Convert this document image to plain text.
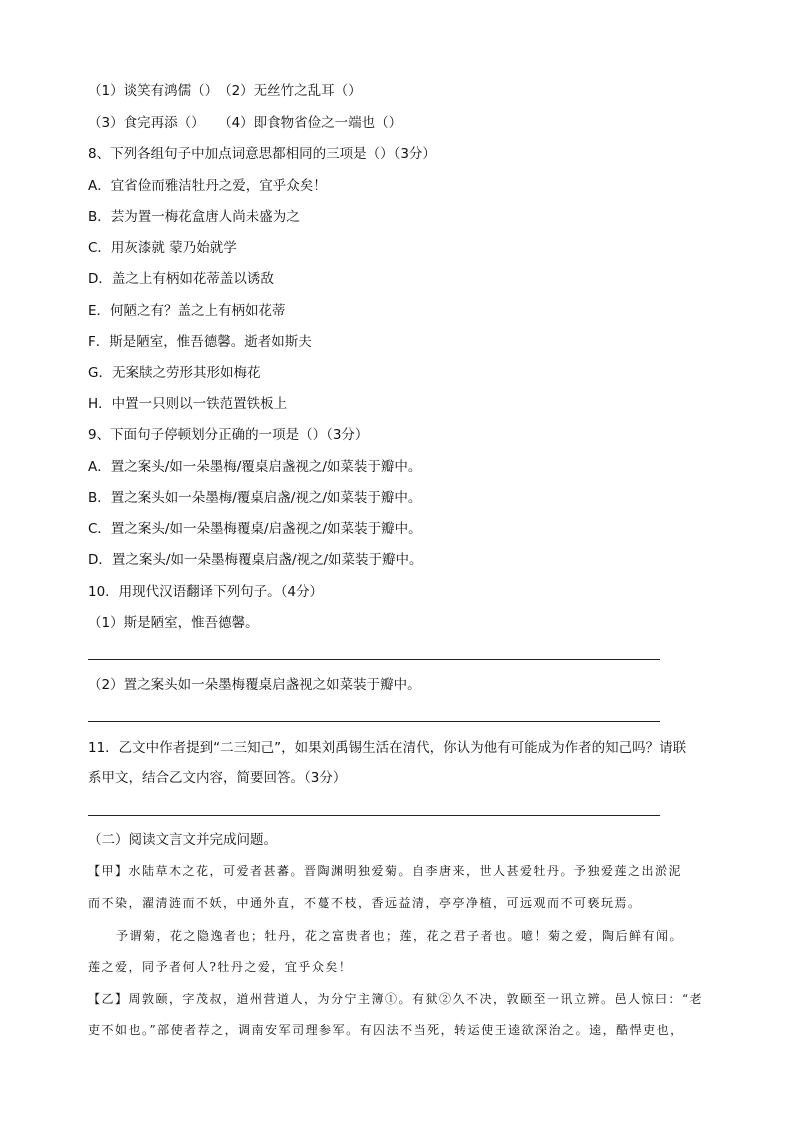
（1）谈笑有鸿儒（）　（2）无丝竹之乱耳（）
（3）食完再添（）　　（4）即食物省俭之一端也（）
8、下列各组句子中加点词意思都相同的三项是（）（3分）
A．宜省俭而雅洁牡丹之爱，宜乎众矣！
B．芸为置一梅花盒唐人尚未盛为之
C．用灰漆就 蒙乃始就学
D．盖之上有柄如花蒂盖以诱敌
E．何陋之有？盖之上有柄如花蒂
F．斯是陋室，惟吾德馨。逝者如斯夫
G．无案牍之劳形其形如梅花
H．中置一只则以一铁范置铁板上
9、下面句子停顿划分正确的一项是（）（3分）
A．置之案头/如一朵墨梅/覆桌启盏视之/如菜装于瓣中。
B．置之案头如一朵墨梅/覆桌启盏/视之/如菜装于瓣中。
C．置之案头/如一朵墨梅覆桌/启盏视之/如菜装于瓣中。
D．置之案头/如一朵墨梅覆桌启盏/视之/如菜装于瓣中。
10．用现代汉语翻译下列句子。（4分）
（1）斯是陋室，惟吾德馨。
（2）置之案头如一朵墨梅覆桌启盏视之如菜装于瓣中。
11．乙文中作者提到“二三知己”，如果刘禹锡生活在清代，你认为他有可能成为作者的知己吗？请联
系甲文，结合乙文内容，简要回答。（3分）
（二）阅读文言文并完成问题。
【甲】水陆草木之花，可爱者甚蕃。晋陶渊明独爱菊。自李唐来，世人甚爱牡丹。予独爱莲之出淤泥
而不染，濯清涟而不妖，中通外直，不蔓不枝，香远益清，亭亭净植，可远观而不可亵玩焉。
予谓菊，花之隐逸者也；牡丹，花之富贵者也；莲，花之君子者也。噫！菊之爱，陶后鲜有闻。
莲之爱，同予者何人?牡丹之爱，宜乎众矣！
【乙】周敦颐，字茂叔，道州营道人，为分宁主簿①。有狱②久不决，敦颐至一讯立辨。邑人惊曰：“老
吏不如也。”部使者荐之，调南安军司理参军。有囚法不当死，转运使王逵欲深治之。逵，酷悍吏也，
